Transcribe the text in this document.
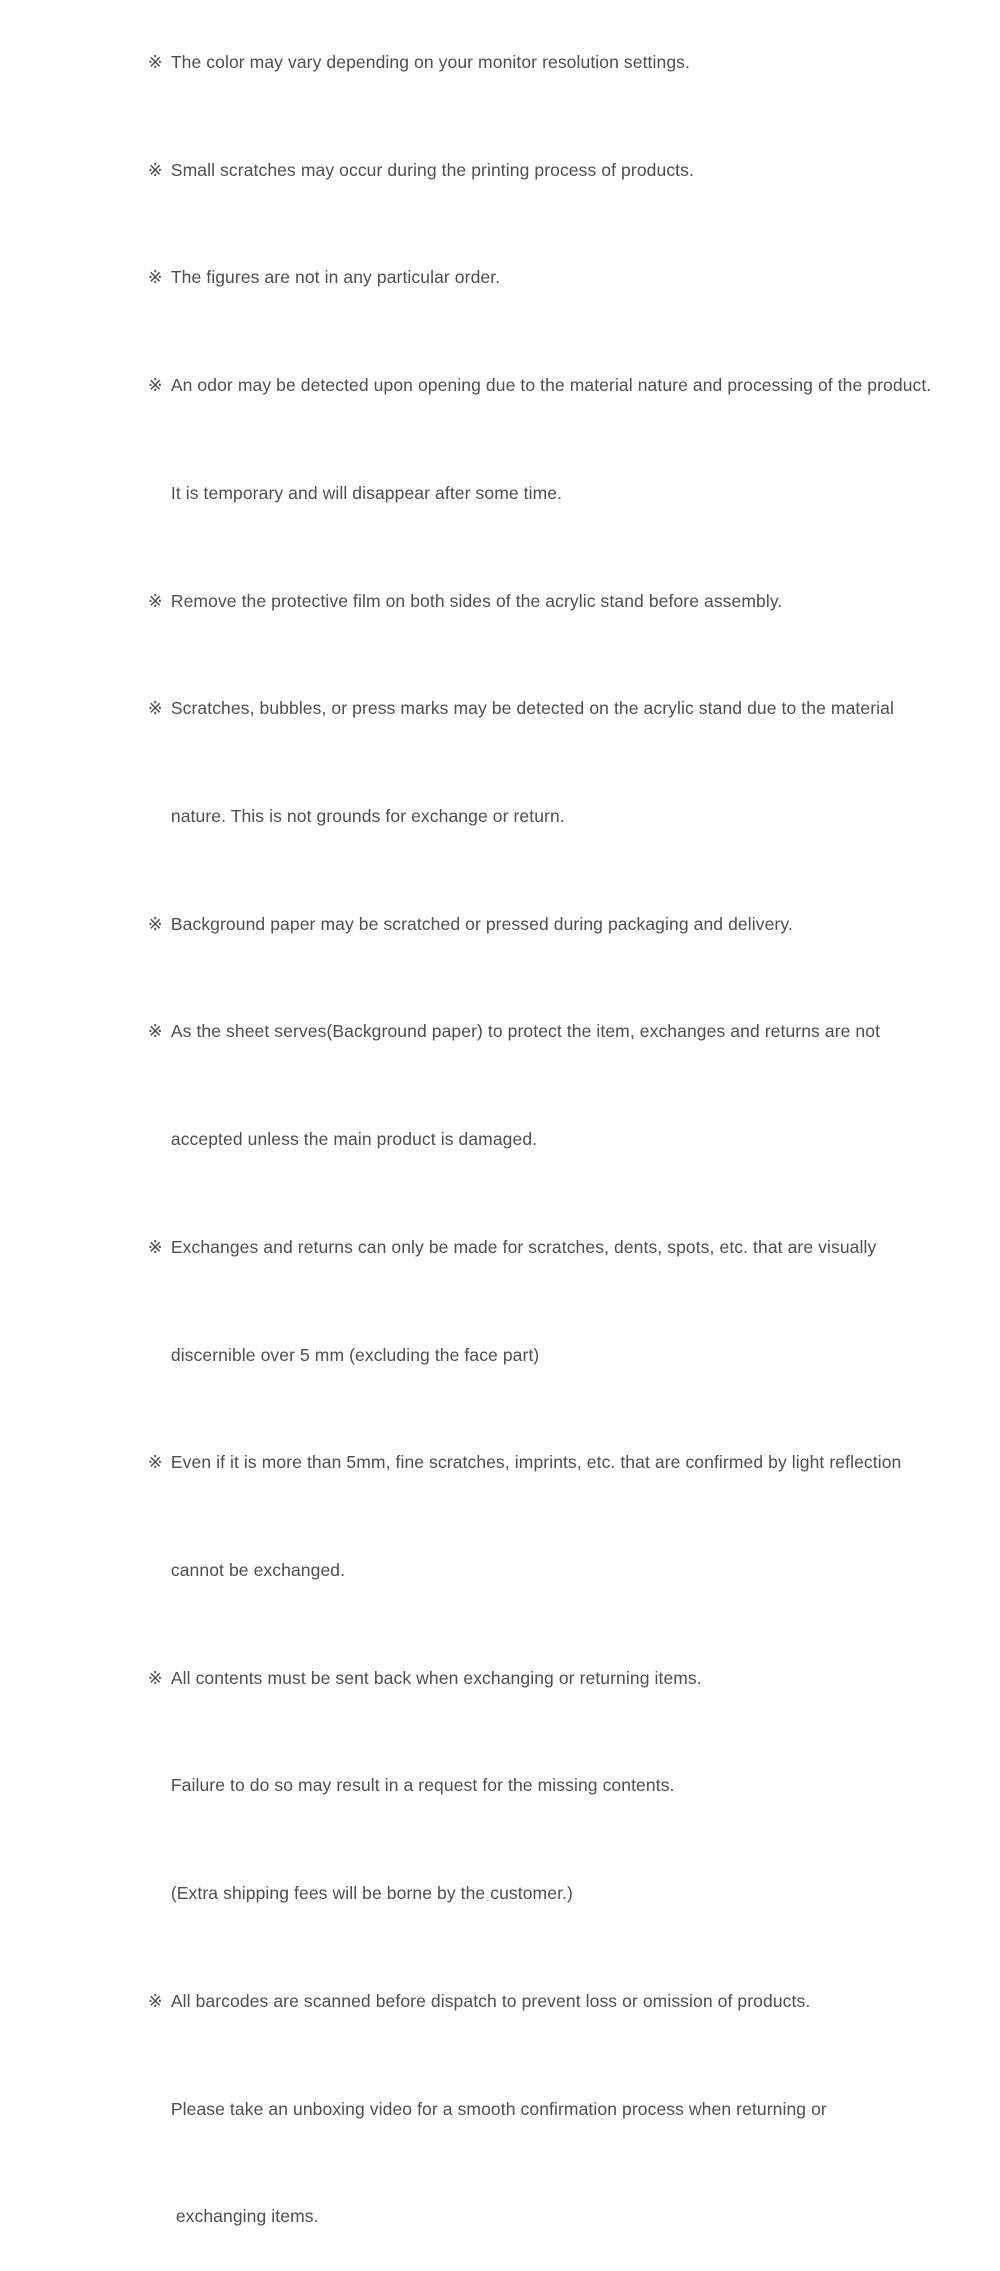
※ The color may vary depending on your monitor resolution settings.

※ Small scratches may occur during the printing process of products.

※ The figures are not in any particular order.

※ An odor may be detected upon opening due to the material nature and processing of the product.

It is temporary and will disappear after some time.

※ Remove the protective film on both sides of the acrylic stand before assembly.

※ Scratches, bubbles, or press marks may be detected on the acrylic stand due to the material

nature. This is not grounds for exchange or return.

※ Background paper may be scratched or pressed during packaging and delivery.

※ As the sheet serves(Background paper) to protect the item, exchanges and returns are not

accepted unless the main product is damaged.

※ Exchanges and returns can only be made for scratches, dents, spots, etc. that are visually

discernible over 5 mm (excluding the face part)

※ Even if it is more than 5mm, fine scratches, imprints, etc. that are confirmed by light reflection

cannot be exchanged.

※ All contents must be sent back when exchanging or returning items.

Failure to do so may result in a request for the missing contents.

(Extra shipping fees will be borne by the customer.)

※ All barcodes are scanned before dispatch to prevent loss or omission of products.

Please take an unboxing video for a smooth confirmation process when returning or

exchanging items.
